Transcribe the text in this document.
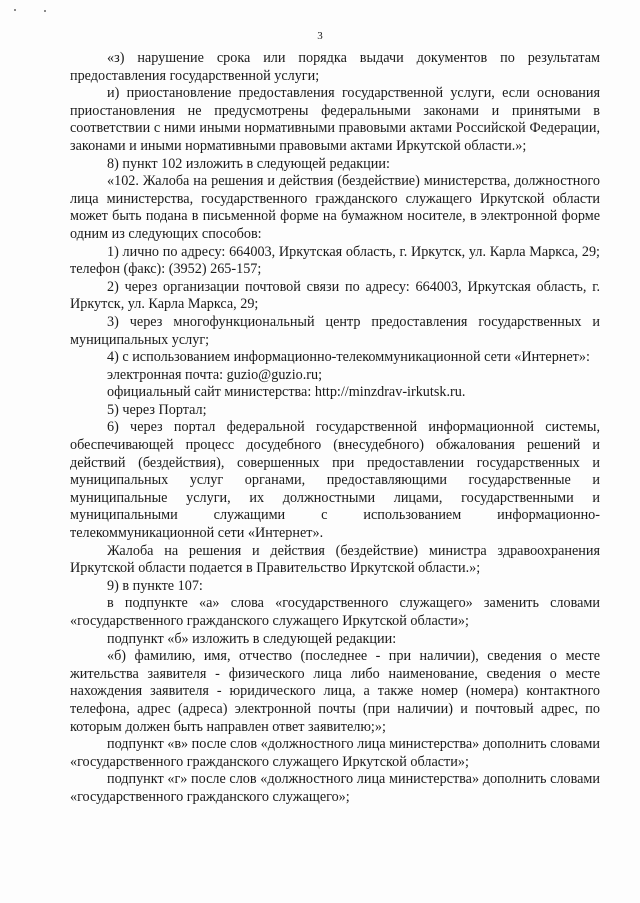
3

«з) нарушение срока или порядка выдачи документов по результатам предоставления государственной услуги;

и) приостановление предоставления государственной услуги, если основания приостановления не предусмотрены федеральными законами и принятыми в соответствии с ними иными нормативными правовыми актами Российской Федерации, законами и иными нормативными правовыми актами Иркутской области.»;

8) пункт 102 изложить в следующей редакции:

«102. Жалоба на решения и действия (бездействие) министерства, должностного лица министерства, государственного гражданского служащего Иркутской области может быть подана в письменной форме на бумажном носителе, в электронной форме одним из следующих способов:

1) лично по адресу: 664003, Иркутская область, г. Иркутск, ул. Карла Маркса, 29; телефон (факс): (3952) 265-157;

2) через организации почтовой связи по адресу: 664003, Иркутская область, г. Иркутск, ул. Карла Маркса, 29;

3) через многофункциональный центр предоставления государственных и муниципальных услуг;

4) с использованием информационно-телекоммуникационной сети «Интернет»:

электронная почта: guzio@guzio.ru;

официальный сайт министерства: http://minzdrav-irkutsk.ru.

5) через Портал;

6) через портал федеральной государственной информационной системы, обеспечивающей процесс досудебного (внесудебного) обжалования решений и действий (бездействия), совершенных при предоставлении государственных и муниципальных услуг органами, предоставляющими государственные и муниципальные услуги, их должностными лицами, государственными и муниципальными служащими с использованием информационно-телекоммуникационной сети «Интернет».

Жалоба на решения и действия (бездействие) министра здравоохранения Иркутской области подается в Правительство Иркутской области.»;

9) в пункте 107:

в подпункте «а» слова «государственного служащего» заменить словами «государственного гражданского служащего Иркутской области»;

подпункт «б» изложить в следующей редакции:

«б) фамилию, имя, отчество (последнее - при наличии), сведения о месте жительства заявителя - физического лица либо наименование, сведения о месте нахождения заявителя - юридического лица, а также номер (номера) контактного телефона, адрес (адреса) электронной почты (при наличии) и почтовый адрес, по которым должен быть направлен ответ заявителю;»;

подпункт «в» после слов «должностного лица министерства» дополнить словами «государственного гражданского служащего Иркутской области»;

подпункт «г» после слов «должностного лица министерства» дополнить словами «государственного гражданского служащего»;
